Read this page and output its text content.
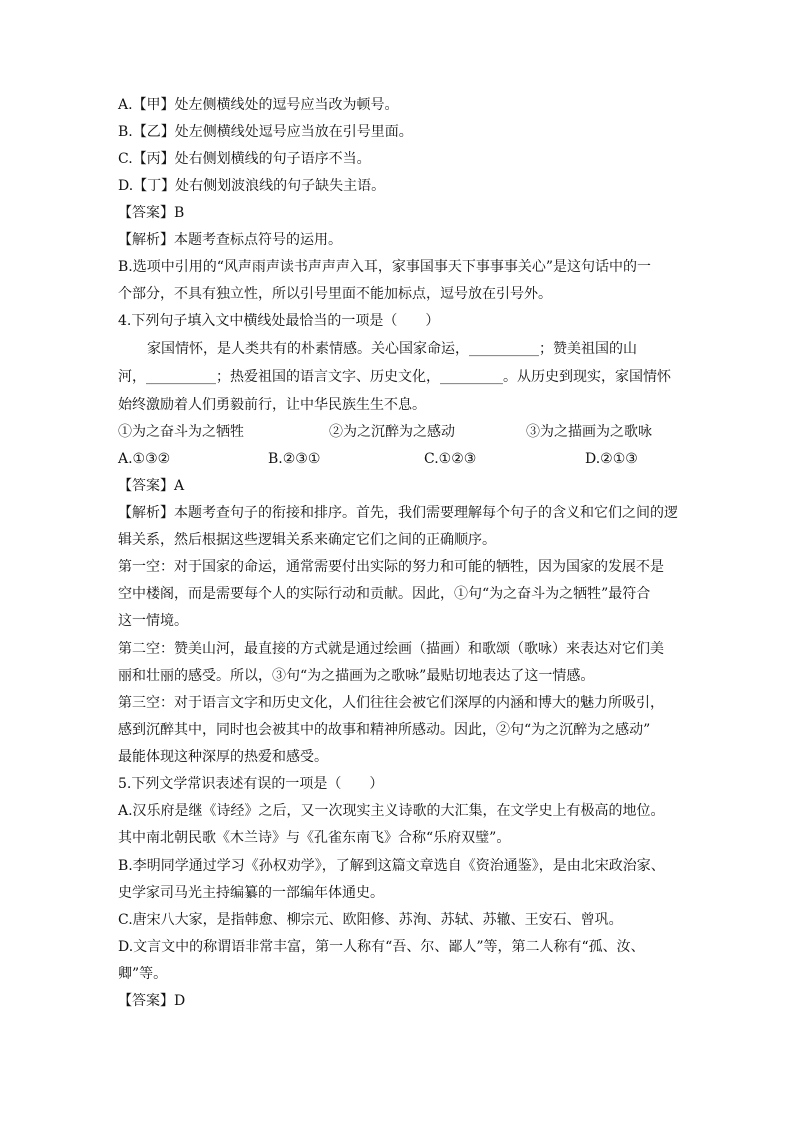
A.【甲】处左侧横线处的逗号应当改为顿号。
B.【乙】处左侧横线处逗号应当放在引号里面。
C.【丙】处右侧划横线的句子语序不当。
D.【丁】处右侧划波浪线的句子缺失主语。
【答案】B
【解析】本题考查标点符号的运用。
B.选项中引用的“风声雨声读书声声声入耳，家事国事天下事事事关心”是这句话中的一
个部分，不具有独立性，所以引号里面不能加标点，逗号放在引号外。
4.下列句子填入文中横线处最恰当的一项是（　　）
家国情怀，是人类共有的朴素情感。关心国家命运，__________；赞美祖国的山
河，__________；热爱祖国的语言文字、历史文化，_________。从历史到现实，家国情怀
始终激励着人们勇毅前行，让中华民族生生不息。
①为之奋斗为之牺牲	②为之沉醉为之感动	③为之描画为之歌咏
A.①③②	B.②③①	C.①②③	D.②①③
【答案】A
【解析】本题考查句子的衔接和排序。首先，我们需要理解每个句子的含义和它们之间的逻
辑关系，然后根据这些逻辑关系来确定它们之间的正确顺序。
第一空：对于国家的命运，通常需要付出实际的努力和可能的牺牲，因为国家的发展不是
空中楼阁，而是需要每个人的实际行动和贡献。因此，①句“为之奋斗为之牺牲”最符合
这一情境。
第二空：赞美山河，最直接的方式就是通过绘画（描画）和歌颂（歌咏）来表达对它们美
丽和壮丽的感受。所以，③句“为之描画为之歌咏”最贴切地表达了这一情感。
第三空：对于语言文字和历史文化，人们往往会被它们深厚的内涵和博大的魅力所吸引，
感到沉醉其中，同时也会被其中的故事和精神所感动。因此，②句“为之沉醉为之感动”
最能体现这种深厚的热爱和感受。
5.下列文学常识表述有误的一项是（　　）
A.汉乐府是继《诗经》之后，又一次现实主义诗歌的大汇集，在文学史上有极高的地位。
其中南北朝民歌《木兰诗》与《孔雀东南飞》合称“乐府双璧”。
B.李明同学通过学习《孙权劝学》，了解到这篇文章选自《资治通鉴》，是由北宋政治家、
史学家司马光主持编纂的一部编年体通史。
C.唐宋八大家，是指韩愈、柳宗元、欧阳修、苏洵、苏轼、苏辙、王安石、曾巩。
D.文言文中的称谓语非常丰富，第一人称有“吾、尔、鄙人”等，第二人称有“孤、汝、
卿”等。
【答案】D
